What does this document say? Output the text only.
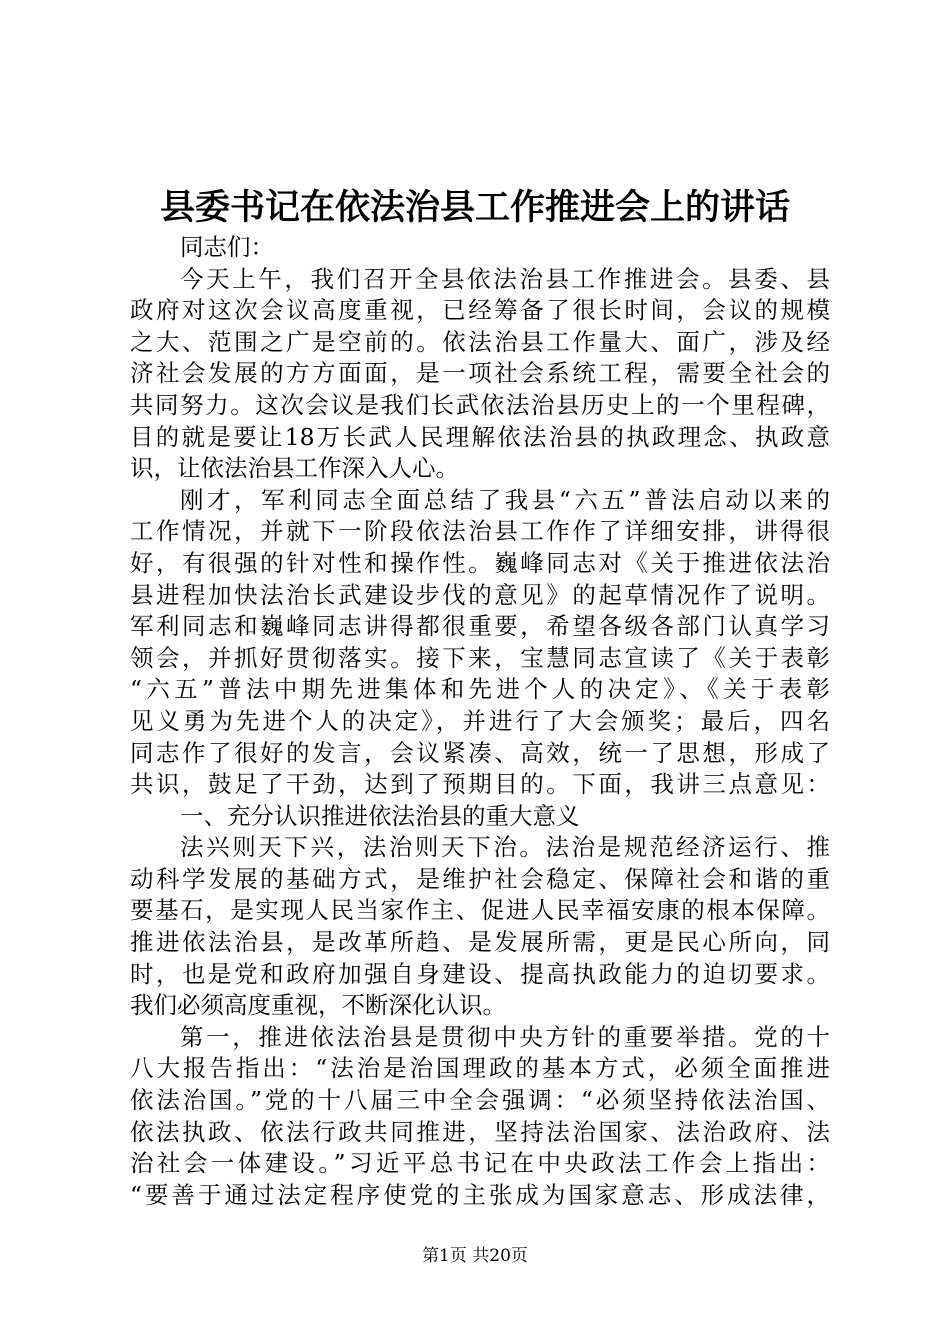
县委书记在依法治县工作推进会上的讲话
同志们：
今天上午，我们召开全县依法治县工作推进会。县委、县
政府对这次会议高度重视，已经筹备了很长时间，会议的规模
之大、范围之广是空前的。依法治县工作量大、面广，涉及经
济社会发展的方方面面，是一项社会系统工程，需要全社会的
共同努力。这次会议是我们长武依法治县历史上的一个里程碑，
目的就是要让18万长武人民理解依法治县的执政理念、执政意
识，让依法治县工作深入人心。
刚才，军利同志全面总结了我县“六五”普法启动以来的
工作情况，并就下一阶段依法治县工作作了详细安排，讲得很
好，有很强的针对性和操作性。巍峰同志对《关于推进依法治
县进程加快法治长武建设步伐的意见》的起草情况作了说明。
军利同志和巍峰同志讲得都很重要，希望各级各部门认真学习
领会，并抓好贯彻落实。接下来，宝慧同志宣读了《关于表彰
“六五”普法中期先进集体和先进个人的决定》、《关于表彰
见义勇为先进个人的决定》，并进行了大会颁奖；最后，四名
同志作了很好的发言，会议紧凑、高效，统一了思想，形成了
共识，鼓足了干劲，达到了预期目的。下面，我讲三点意见：
一、充分认识推进依法治县的重大意义
法兴则天下兴，法治则天下治。法治是规范经济运行、推
动科学发展的基础方式，是维护社会稳定、保障社会和谐的重
要基石，是实现人民当家作主、促进人民幸福安康的根本保障。
推进依法治县，是改革所趋、是发展所需，更是民心所向，同
时，也是党和政府加强自身建设、提高执政能力的迫切要求。
我们必须高度重视，不断深化认识。
第一，推进依法治县是贯彻中央方针的重要举措。党的十
八大报告指出：“法治是治国理政的基本方式，必须全面推进
依法治国。”党的十八届三中全会强调：“必须坚持依法治国、
依法执政、依法行政共同推进，坚持法治国家、法治政府、法
治社会一体建设。”习近平总书记在中央政法工作会上指出：
“要善于通过法定程序使党的主张成为国家意志、形成法律，
第1页 共20页
